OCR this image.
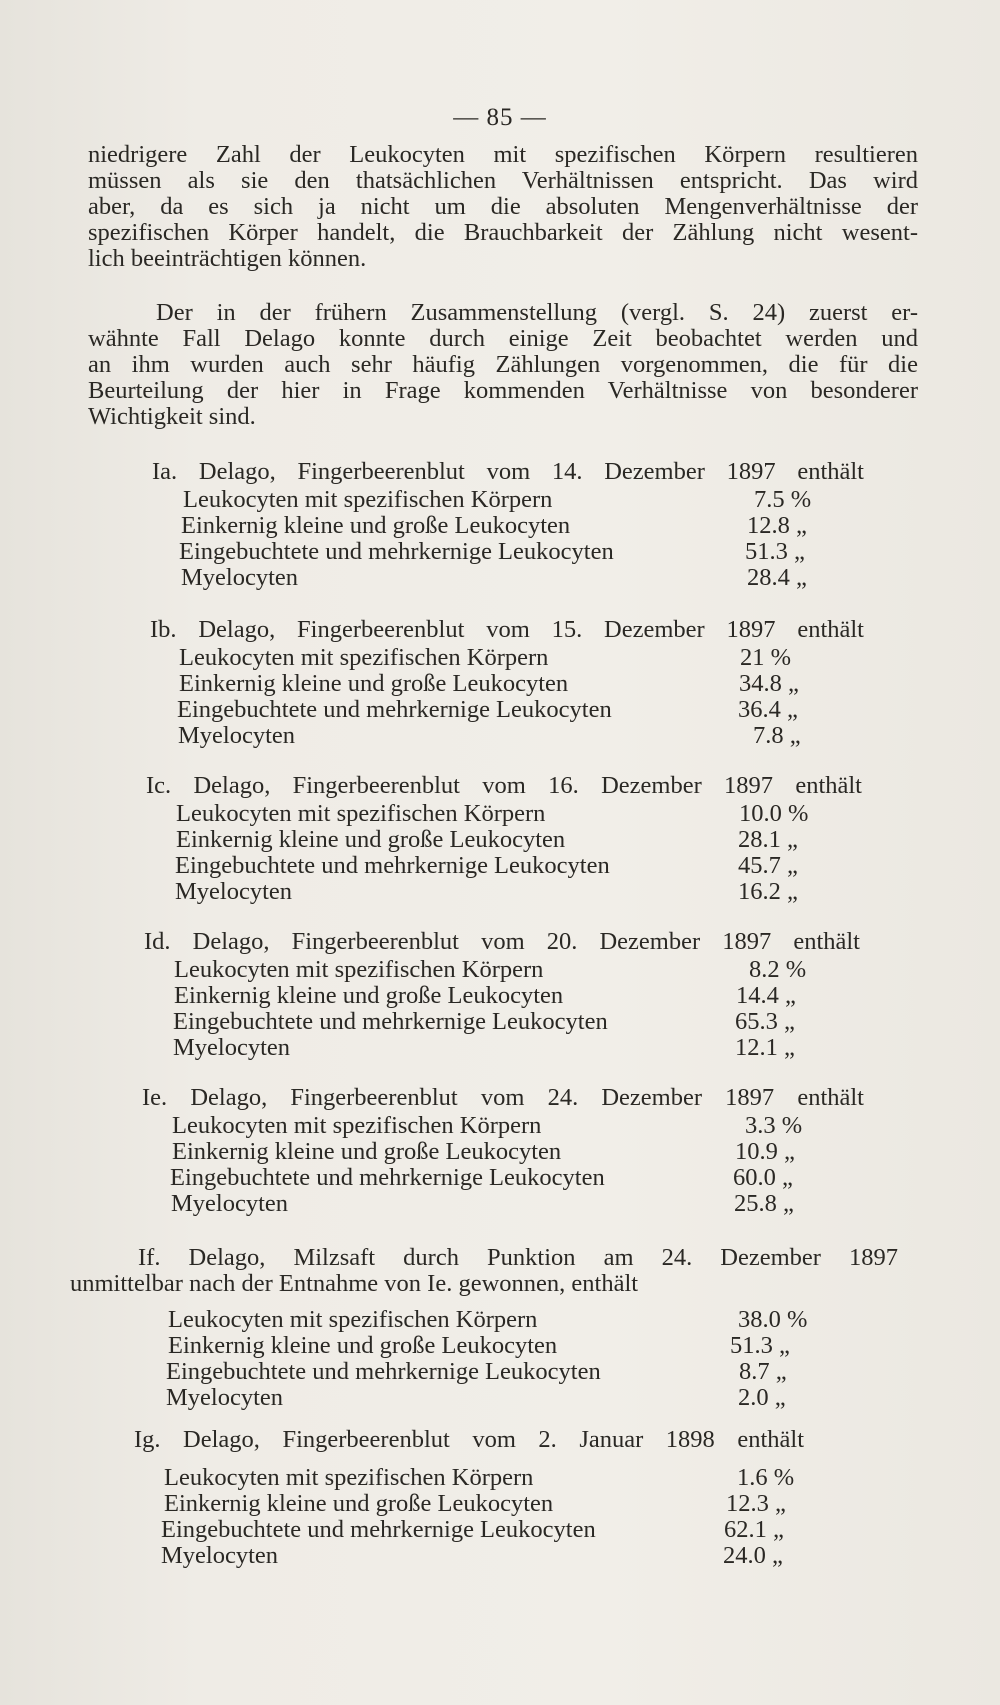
— 85 —
niedrigere Zahl der Leukocyten mit spezifischen Körpern resultieren
müssen als sie den thatsächlichen Verhältnissen entspricht. Das wird
aber, da es sich ja nicht um die absoluten Mengenverhältnisse der
spezifischen Körper handelt, die Brauchbarkeit der Zählung nicht wesent-
lich beeinträchtigen können.
Der in der frühern Zusammenstellung (vergl. S. 24) zuerst er-
wähnte Fall Delago konnte durch einige Zeit beobachtet werden und
an ihm wurden auch sehr häufig Zählungen vorgenommen, die für die
Beurteilung der hier in Frage kommenden Verhältnisse von besonderer
Wichtigkeit sind.
Ia. Delago, Fingerbeerenblut vom 14. Dezember 1897 enthält
Leukocyten mit spezifischen Körpern	7.5 %
Einkernig kleine und große Leukocyten	12.8 „
Eingebuchtete und mehrkernige Leukocyten	51.3 „
Myelocyten	28.4 „
Ib. Delago, Fingerbeerenblut vom 15. Dezember 1897 enthält
Leukocyten mit spezifischen Körpern	21 %
Einkernig kleine und große Leukocyten	34.8 „
Eingebuchtete und mehrkernige Leukocyten	36.4 „
Myelocyten	7.8 „
Ic. Delago, Fingerbeerenblut vom 16. Dezember 1897 enthält
Leukocyten mit spezifischen Körpern	10.0 %
Einkernig kleine und große Leukocyten	28.1 „
Eingebuchtete und mehrkernige Leukocyten	45.7 „
Myelocyten	16.2 „
Id. Delago, Fingerbeerenblut vom 20. Dezember 1897 enthält
Leukocyten mit spezifischen Körpern	8.2 %
Einkernig kleine und große Leukocyten	14.4 „
Eingebuchtete und mehrkernige Leukocyten	65.3 „
Myelocyten	12.1 „
Ie. Delago, Fingerbeerenblut vom 24. Dezember 1897 enthält
Leukocyten mit spezifischen Körpern	3.3 %
Einkernig kleine und große Leukocyten	10.9 „
Eingebuchtete und mehrkernige Leukocyten	60.0 „
Myelocyten	25.8 „
If. Delago, Milzsaft durch Punktion am 24. Dezember 1897
unmittelbar nach der Entnahme von Ie. gewonnen, enthält
Leukocyten mit spezifischen Körpern	38.0 %
Einkernig kleine und große Leukocyten	51.3 „
Eingebuchtete und mehrkernige Leukocyten	8.7 „
Myelocyten	2.0 „
Ig. Delago, Fingerbeerenblut vom 2. Januar 1898 enthält
Leukocyten mit spezifischen Körpern	1.6 %
Einkernig kleine und große Leukocyten	12.3 „
Eingebuchtete und mehrkernige Leukocyten	62.1 „
Myelocyten	24.0 „
